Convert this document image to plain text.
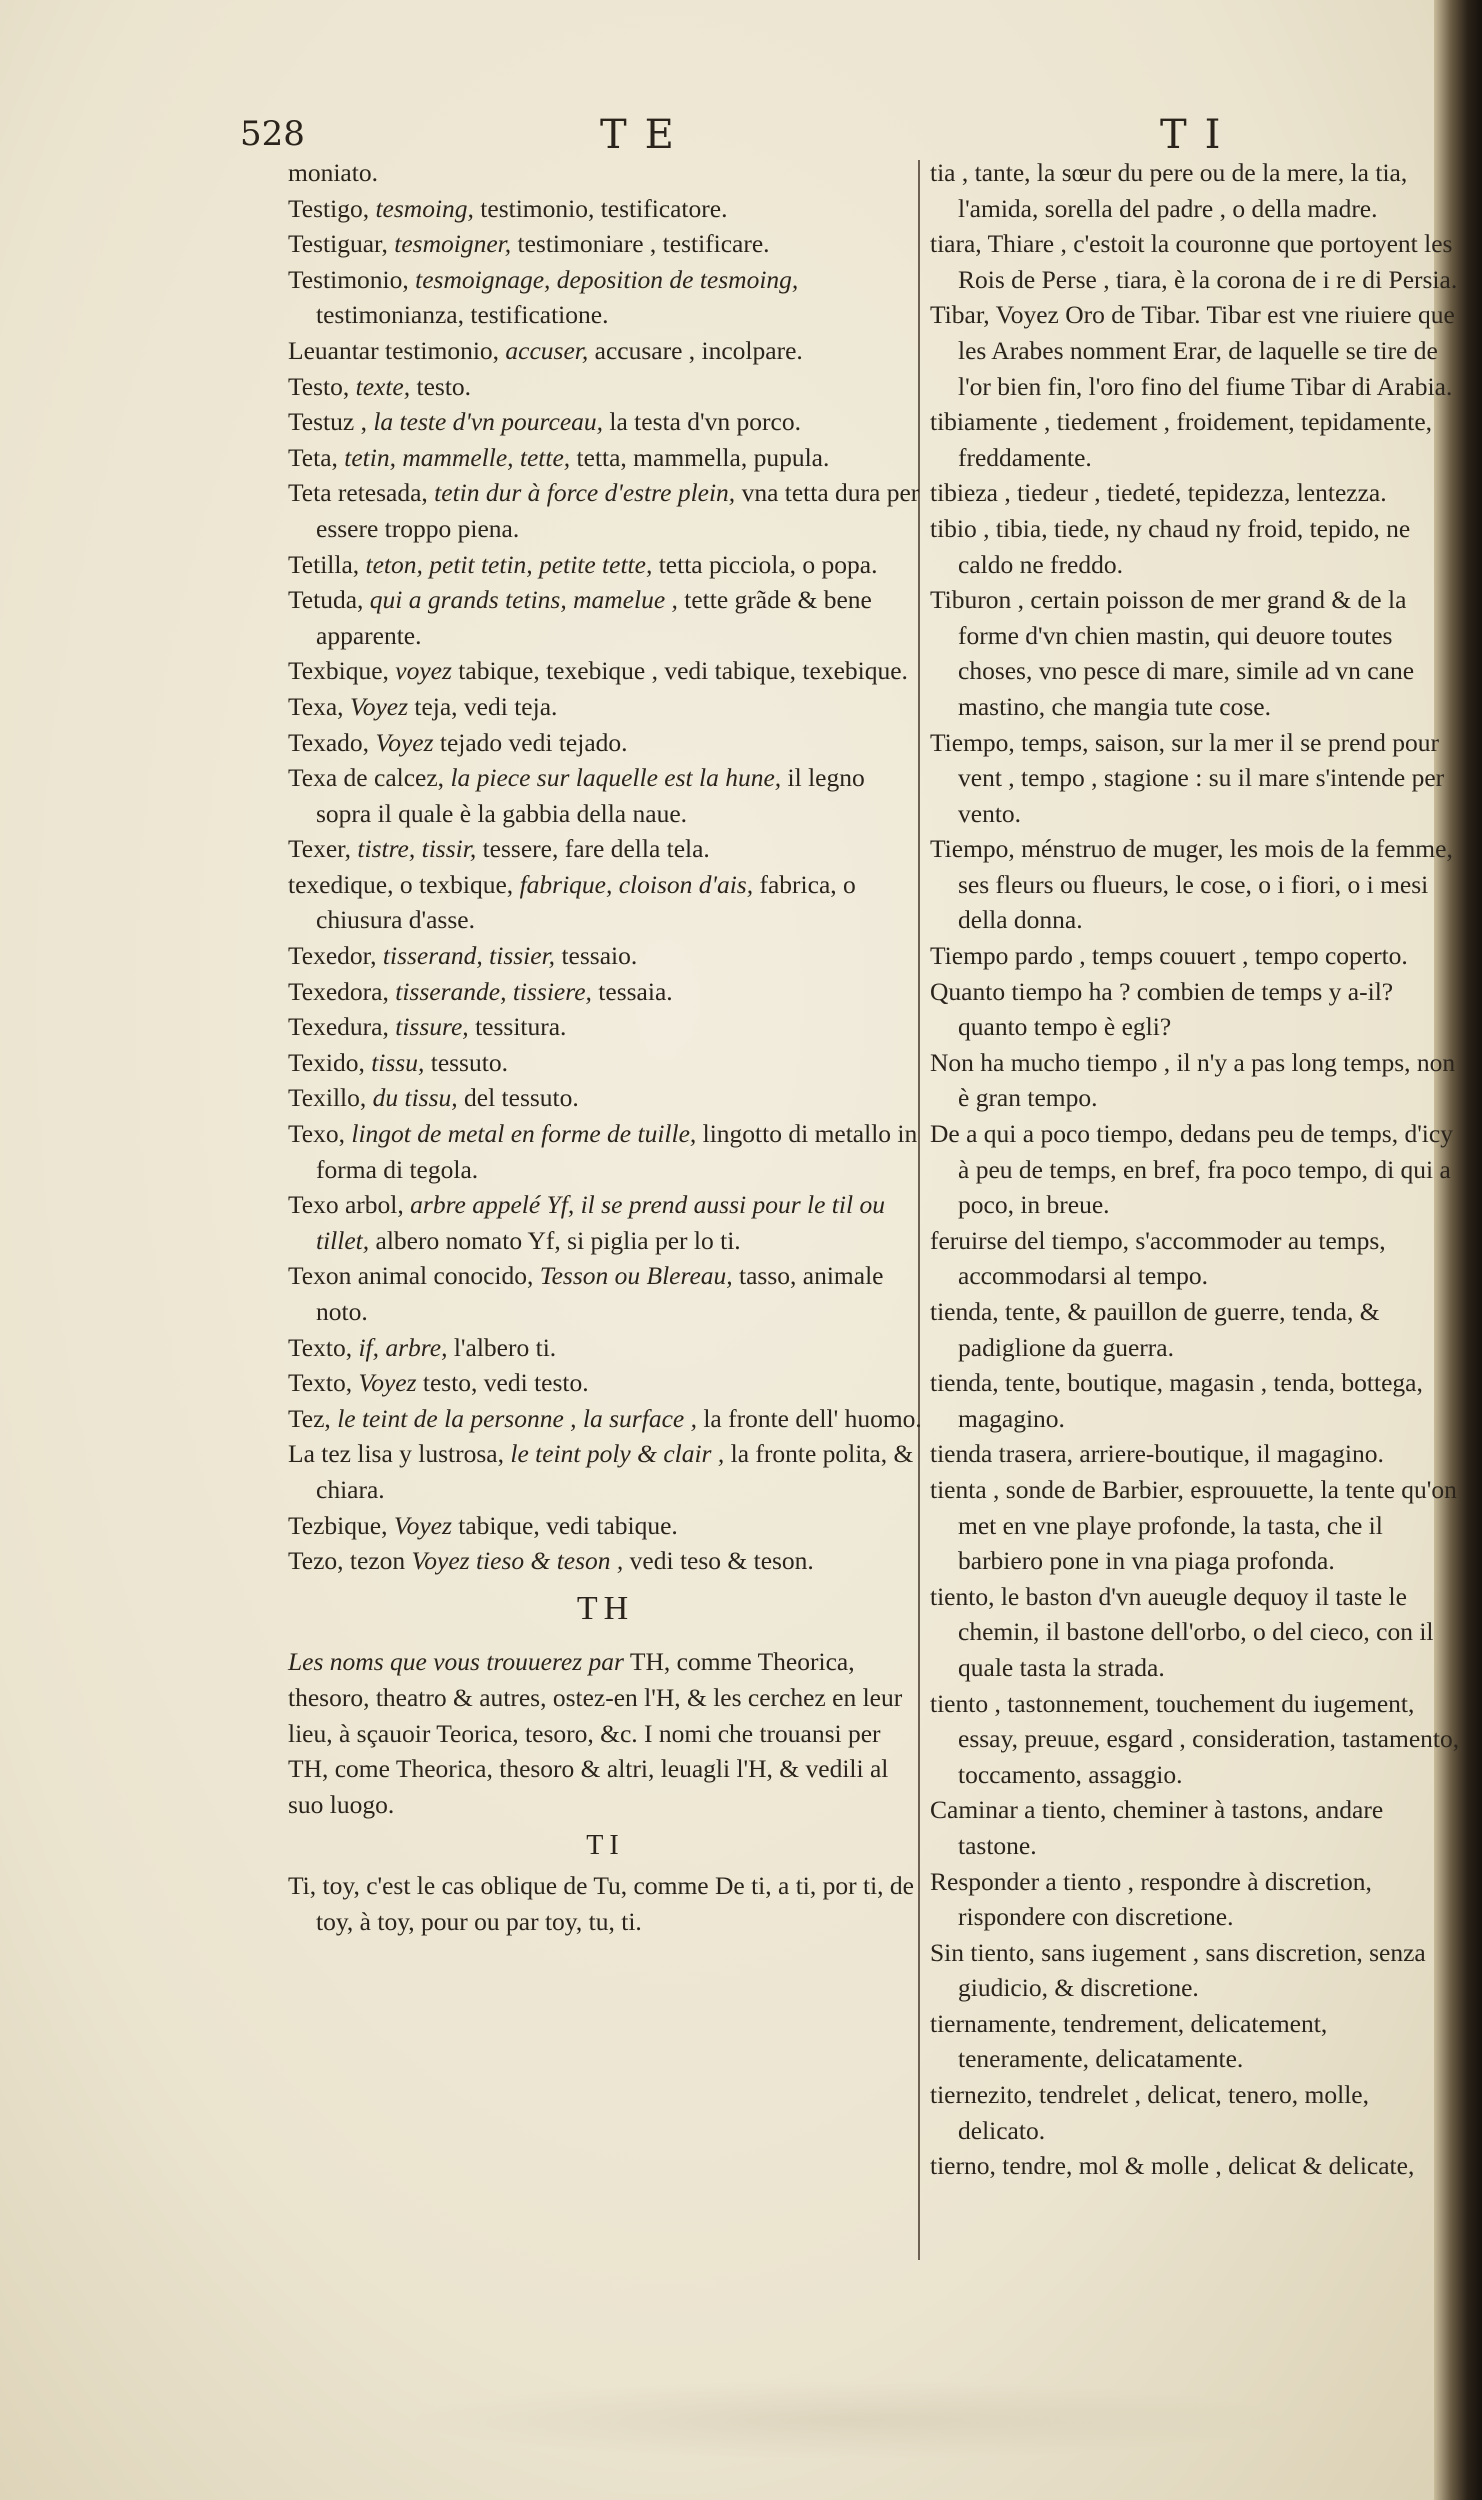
528	TE	TI

moniato.

Testigo, tesmoing, testimonio, testificatore.

Testiguar, tesmoigner, testimoniare , testificare.

Testimonio, tesmoignage, deposition de tesmoing, testimonianza, testificatione.

Leuantar testimonio, accuser, accusare , incolpare.

Testo, texte, testo.

Testuz , la teste d'vn pourceau, la testa d'vn porco.

Teta, tetin, mammelle, tette, tetta, mammella, pupula.

Teta retesada, tetin dur à force d'estre plein, vna tetta dura per essere troppo piena.

Tetilla, teton, petit tetin, petite tette, tetta picciola, o popa.

Tetuda, qui a grands tetins, mamelue , tette grãde & bene apparente.

Texbique, voyez tabique, texebique , vedi tabique, texebique.

Texa, Voyez teja, vedi teja.

Texado, Voyez tejado vedi tejado.

Texa de calcez, la piece sur laquelle est la hune, il legno sopra il quale è la gabbia della naue.

Texer, tistre, tissir, tessere, fare della tela.

texedique, o texbique, fabrique, cloison d'ais, fabrica, o chiusura d'asse.

Texedor, tisserand, tissier, tessaio.

Texedora, tisserande, tissiere, tessaia.

Texedura, tissure, tessitura.

Texido, tissu, tessuto.

Texillo, du tissu, del tessuto.

Texo, lingot de metal en forme de tuille, lingotto di metallo in forma di tegola.

Texo arbol, arbre appelé Yf, il se prend aussi pour le til ou tillet, albero nomato Yf, si piglia per lo ti.

Texon animal conocido, Tesson ou Blereau, tasso, animale noto.

Texto, if, arbre, l'albero ti.

Texto, Voyez testo, vedi testo.

Tez, le teint de la personne , la surface , la fronte dell' huomo.

La tez lisa y lustrosa, le teint poly & clair , la fronte polita, & chiara.

Tezbique, Voyez tabique, vedi tabique.

Tezo, tezon Voyez tieso & teson , vedi teso & teson.

TH

Les noms que vous trouuerez par TH, comme Theorica, thesoro, theatro & autres, ostez-en l'H, & les cerchez en leur lieu, à sçauoir Teorica, tesoro, &c. I nomi che trouansi per TH, come Theorica, thesoro & altri, leuagli l'H, & vedili al suo luogo.

TI

Ti, toy, c'est le cas oblique de Tu, comme De ti, a ti, por ti, de toy, à toy, pour ou par toy, tu, ti.

tia , tante, la sœur du pere ou de la mere, la tia, l'amida, sorella del padre , o della madre.

tiara, Thiare , c'estoit la couronne que portoyent les Rois de Perse , tiara, è la corona de i re di Persia.

Tibar, Voyez Oro de Tibar. Tibar est vne riuiere que les Arabes nomment Erar, de laquelle se tire de l'or bien fin, l'oro fino del fiume Tibar di Arabia.

tibiamente , tiedement , froidement, tepidamente, freddamente.

tibieza , tiedeur , tiedeté, tepidezza, lentezza.

tibio , tibia, tiede, ny chaud ny froid, tepido, ne caldo ne freddo.

Tiburon , certain poisson de mer grand & de la forme d'vn chien mastin, qui deuore toutes choses, vno pesce di mare, simile ad vn cane mastino, che mangia tute cose.

Tiempo, temps, saison, sur la mer il se prend pour vent , tempo , stagione : su il mare s'intende per vento.

Tiempo, ménstruo de muger, les mois de la femme, ses fleurs ou flueurs, le cose, o i fiori, o i mesi della donna.

Tiempo pardo , temps couuert , tempo coperto.

Quanto tiempo ha ? combien de temps y a-il? quanto tempo è egli?

Non ha mucho tiempo , il n'y a pas long temps, non è gran tempo.

De a qui a poco tiempo, dedans peu de temps, d'icy à peu de temps, en bref, fra poco tempo, di qui a poco, in breue.

feruirse del tiempo, s'accommoder au temps, accommodarsi al tempo.

tienda, tente, & pauillon de guerre, tenda, & padiglione da guerra.

tienda, tente, boutique, magasin , tenda, bottega, magagino.

tienda trasera, arriere-boutique, il magagino.

tienta , sonde de Barbier, esprouuette, la tente qu'on met en vne playe profonde, la tasta, che il barbiero pone in vna piaga profonda.

tiento, le baston d'vn aueugle dequoy il taste le chemin, il bastone dell'orbo, o del cieco, con il quale tasta la strada.

tiento , tastonnement, touchement du iugement, essay, preuue, esgard , consideration, tastamento, toccamento, assaggio.

Caminar a tiento, cheminer à tastons, andare tastone.

Responder a tiento , respondre à discretion, rispondere con discretione.

Sin tiento, sans iugement , sans discretion, senza giudicio, & discretione.

tiernamente, tendrement, delicatement, teneramente, delicatamente.

tiernezito, tendrelet , delicat, tenero, molle, delicato.

tierno, tendre, mol & molle , delicat & delicate,
